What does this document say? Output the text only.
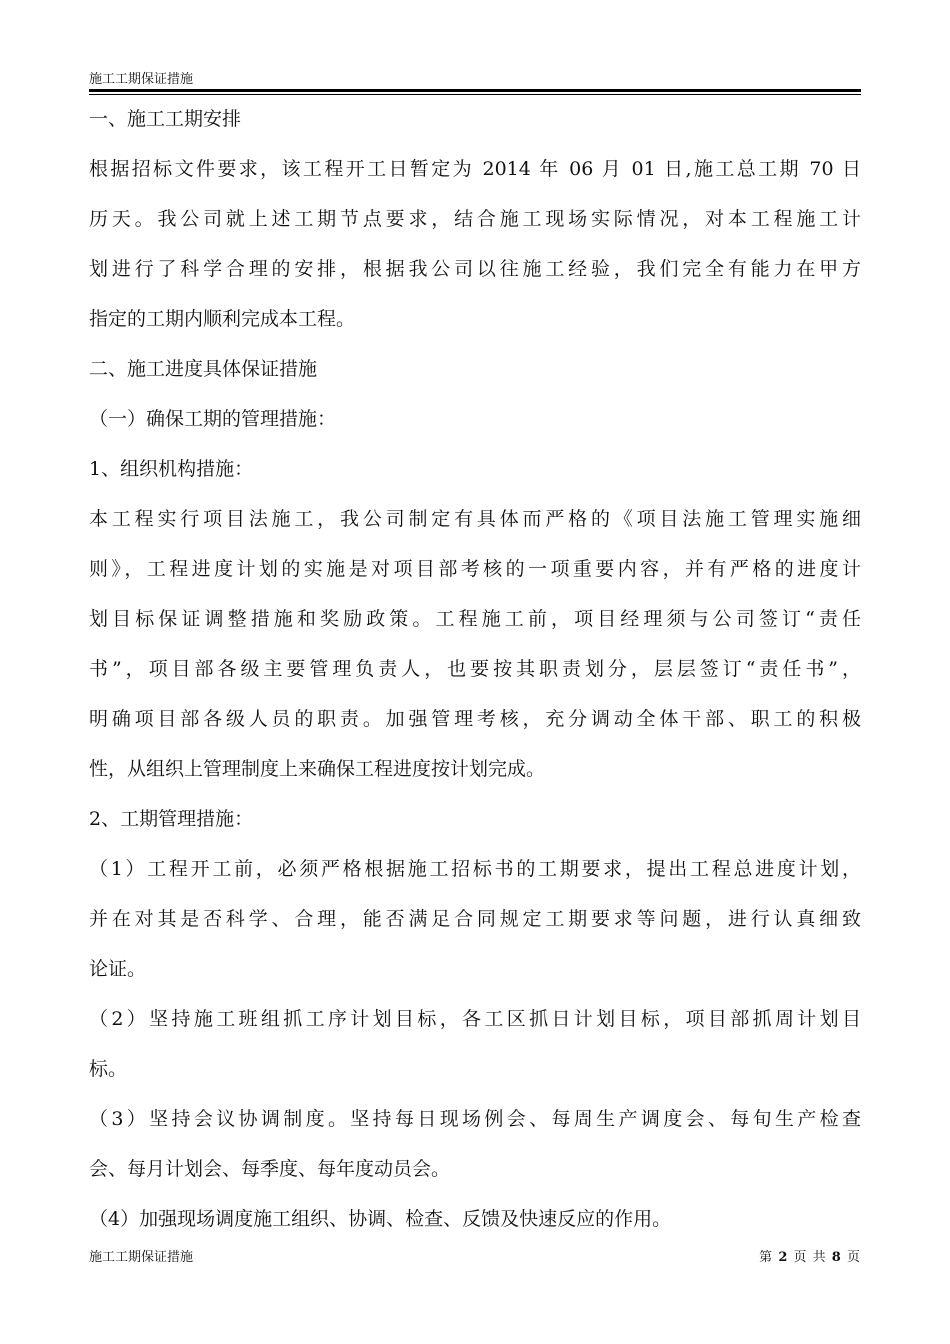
施工工期保证措施
一、施工工期安排
根据招标文件要求，该工程开工日暂定为 2014 年 06 月 01 日,施工总工期 70 日
历天。我公司就上述工期节点要求，结合施工现场实际情况，对本工程施工计
划进行了科学合理的安排，根据我公司以往施工经验，我们完全有能力在甲方
指定的工期内顺利完成本工程。
二、施工进度具体保证措施
（一）确保工期的管理措施：
1、组织机构措施：
本工程实行项目法施工，我公司制定有具体而严格的《项目法施工管理实施细
则》，工程进度计划的实施是对项目部考核的一项重要内容，并有严格的进度计
划目标保证调整措施和奖励政策。工程施工前，项目经理须与公司签订“责任
书”，项目部各级主要管理负责人，也要按其职责划分，层层签订“责任书”，
明确项目部各级人员的职责。加强管理考核，充分调动全体干部、职工的积极
性，从组织上管理制度上来确保工程进度按计划完成。
2、工期管理措施：
（1）工程开工前，必须严格根据施工招标书的工期要求，提出工程总进度计划，
并在对其是否科学、合理，能否满足合同规定工期要求等问题，进行认真细致
论证。
（2）坚持施工班组抓工序计划目标，各工区抓日计划目标，项目部抓周计划目
标。
（3）坚持会议协调制度。坚持每日现场例会、每周生产调度会、每旬生产检查
会、每月计划会、每季度、每年度动员会。
（4）加强现场调度施工组织、协调、检查、反馈及快速反应的作用。
施工工期保证措施	第 2 页 共 8 页
